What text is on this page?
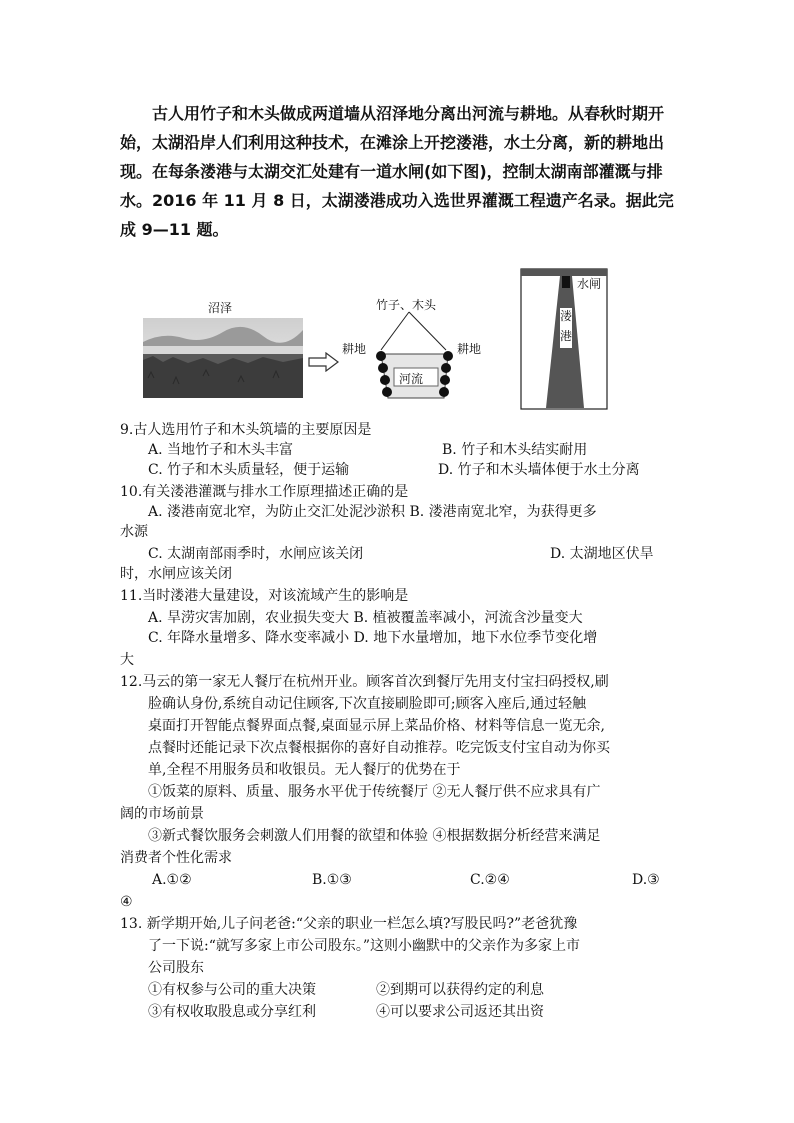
古人用竹子和木头做成两道墙从沼泽地分离出河流与耕地。从春秋时期开
始，太湖沿岸人们利用这种技术，在滩涂上开挖溇港，水土分离，新的耕地出
现。在每条溇港与太湖交汇处建有一道水闸(如下图)，控制太湖南部灌溉与排
水。2016 年 11 月 8 日，太湖溇港成功入选世界灌溉工程遗产名录。据此完
成 9—11 题。
沼泽	竹子、木头
耕地	耕地
河流
水闸
溇
港
9.古人选用竹子和木头筑墙的主要原因是
A. 当地竹子和木头丰富	B. 竹子和木头结实耐用
C. 竹子和木头质量轻，便于运输	D. 竹子和木头墙体便于水土分离
10.有关溇港灌溉与排水工作原理描述正确的是
A. 溇港南宽北窄，为防止交汇处泥沙淤积 B. 溇港南宽北窄，为获得更多
水源
C. 太湖南部雨季时，水闸应该关闭	D. 太湖地区伏旱
时，水闸应该关闭
11.当时溇港大量建设，对该流域产生的影响是
A. 旱涝灾害加剧，农业损失变大 B. 植被覆盖率减小，河流含沙量变大
C. 年降水量增多、降水变率减小 D. 地下水量增加，地下水位季节变化增
大
12.马云的第一家无人餐厅在杭州开业。顾客首次到餐厅先用支付宝扫码授权,刷
脸确认身份,系统自动记住顾客,下次直接刷脸即可;顾客入座后,通过轻触
桌面打开智能点餐界面点餐,桌面显示屏上菜品价格、材料等信息一览无余,
点餐时还能记录下次点餐根据你的喜好自动推荐。吃完饭支付宝自动为你买
单,全程不用服务员和收银员。无人餐厅的优势在于
①饭菜的原料、质量、服务水平优于传统餐厅 ②无人餐厅供不应求具有广
阔的市场前景
③新式餐饮服务会刺激人们用餐的欲望和体验 ④根据数据分析经营来满足
消费者个性化需求
A.①②	B.①③	C.②④	D.③
④
13. 新学期开始,儿子问老爸:“父亲的职业一栏怎么填?写股民吗?”老爸犹豫
了一下说:“就写多家上市公司股东。”这则小幽默中的父亲作为多家上市
公司股东
①有权参与公司的重大决策	②到期可以获得约定的利息
③有权收取股息或分享红利	④可以要求公司返还其出资
